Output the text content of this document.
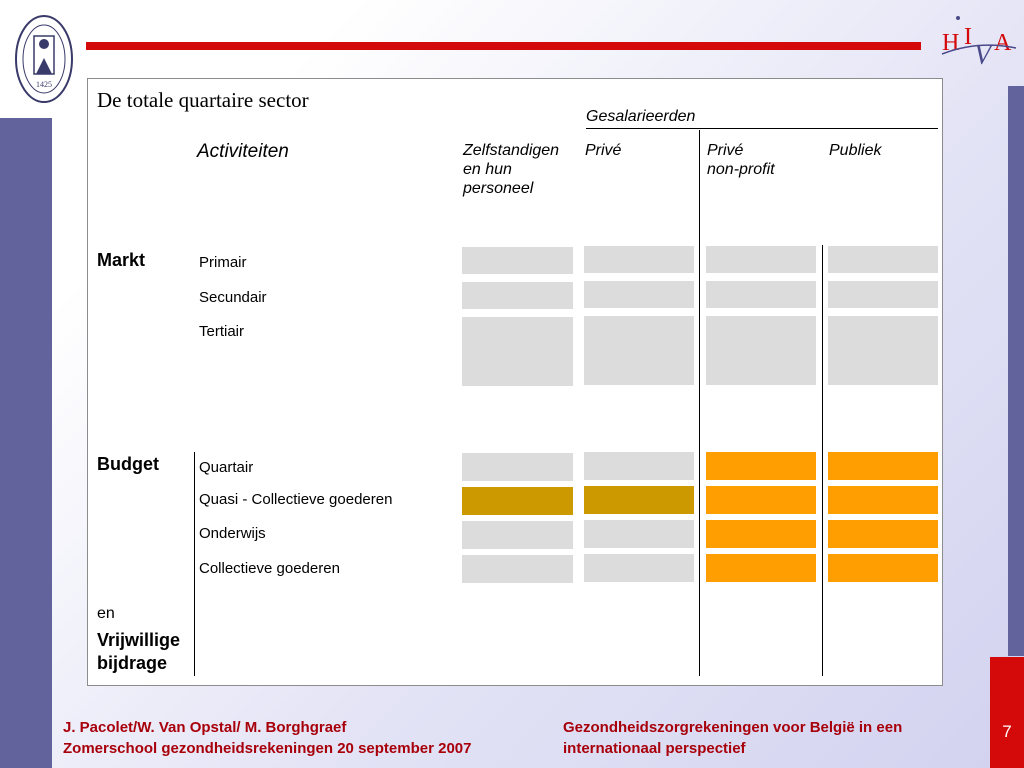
7
1425
H I
V A
De totale quartaire sector
Gesalarieerden
Activiteiten	Zelfstandigen
en hun
personeel
Privé	Privé
non-profit
Publiek
Markt
Budget
en
Vrijwillige
bijdrage
Primair
Secundair
Tertiair
Quartair
Quasi - Collectieve goederen
Onderwijs
Collectieve goederen
J. Pacolet/W. Van Opstal/ M. Borghgraef
Zomerschool gezondheidsrekeningen 20 september 2007
Gezondheidszorgrekeningen voor België in een
internationaal perspectief
